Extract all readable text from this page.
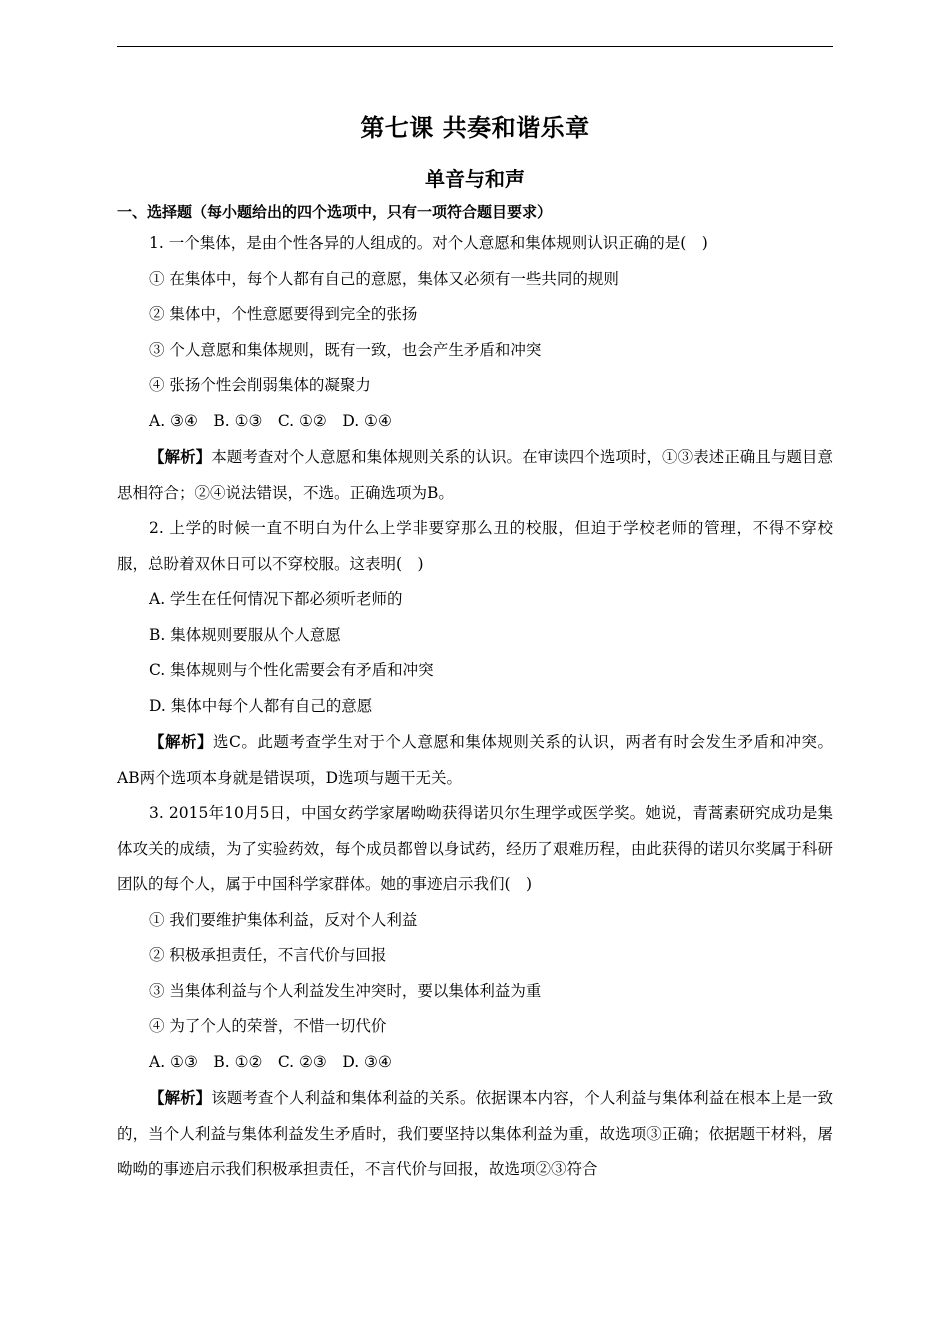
第七课 共奏和谐乐章
单音与和声
一、选择题（每小题给出的四个选项中，只有一项符合题目要求）

1. 一个集体，是由个性各异的人组成的。对个人意愿和集体规则认识正确的是(　)

① 在集体中，每个人都有自己的意愿，集体又必须有一些共同的规则

② 集体中，个性意愿要得到完全的张扬

③ 个人意愿和集体规则，既有一致，也会产生矛盾和冲突

④ 张扬个性会削弱集体的凝聚力

A. ③④　B. ①③　C. ①②　D. ①④

【解析】本题考查对个人意愿和集体规则关系的认识。在审读四个选项时，①③表述正确且与题目意思相符合；②④说法错误，不选。正确选项为B。

2. 上学的时候一直不明白为什么上学非要穿那么丑的校服，但迫于学校老师的管理，不得不穿校服，总盼着双休日可以不穿校服。这表明(　)

A. 学生在任何情况下都必须听老师的

B. 集体规则要服从个人意愿

C. 集体规则与个性化需要会有矛盾和冲突

D. 集体中每个人都有自己的意愿

【解析】选C。此题考查学生对于个人意愿和集体规则关系的认识，两者有时会发生矛盾和冲突。AB两个选项本身就是错误项，D选项与题干无关。

3. 2015年10月5日，中国女药学家屠呦呦获得诺贝尔生理学或医学奖。她说，青蒿素研究成功是集体攻关的成绩，为了实验药效，每个成员都曾以身试药，经历了艰难历程，由此获得的诺贝尔奖属于科研团队的每个人，属于中国科学家群体。她的事迹启示我们(　)

① 我们要维护集体利益，反对个人利益

② 积极承担责任，不言代价与回报

③ 当集体利益与个人利益发生冲突时，要以集体利益为重

④ 为了个人的荣誉，不惜一切代价

A. ①③　B. ①②　C. ②③　D. ③④

【解析】该题考查个人利益和集体利益的关系。依据课本内容，个人利益与集体利益在根本上是一致的，当个人利益与集体利益发生矛盾时，我们要坚持以集体利益为重，故选项③正确；依据题干材料，屠呦呦的事迹启示我们积极承担责任，不言代价与回报，故选项②③符合
